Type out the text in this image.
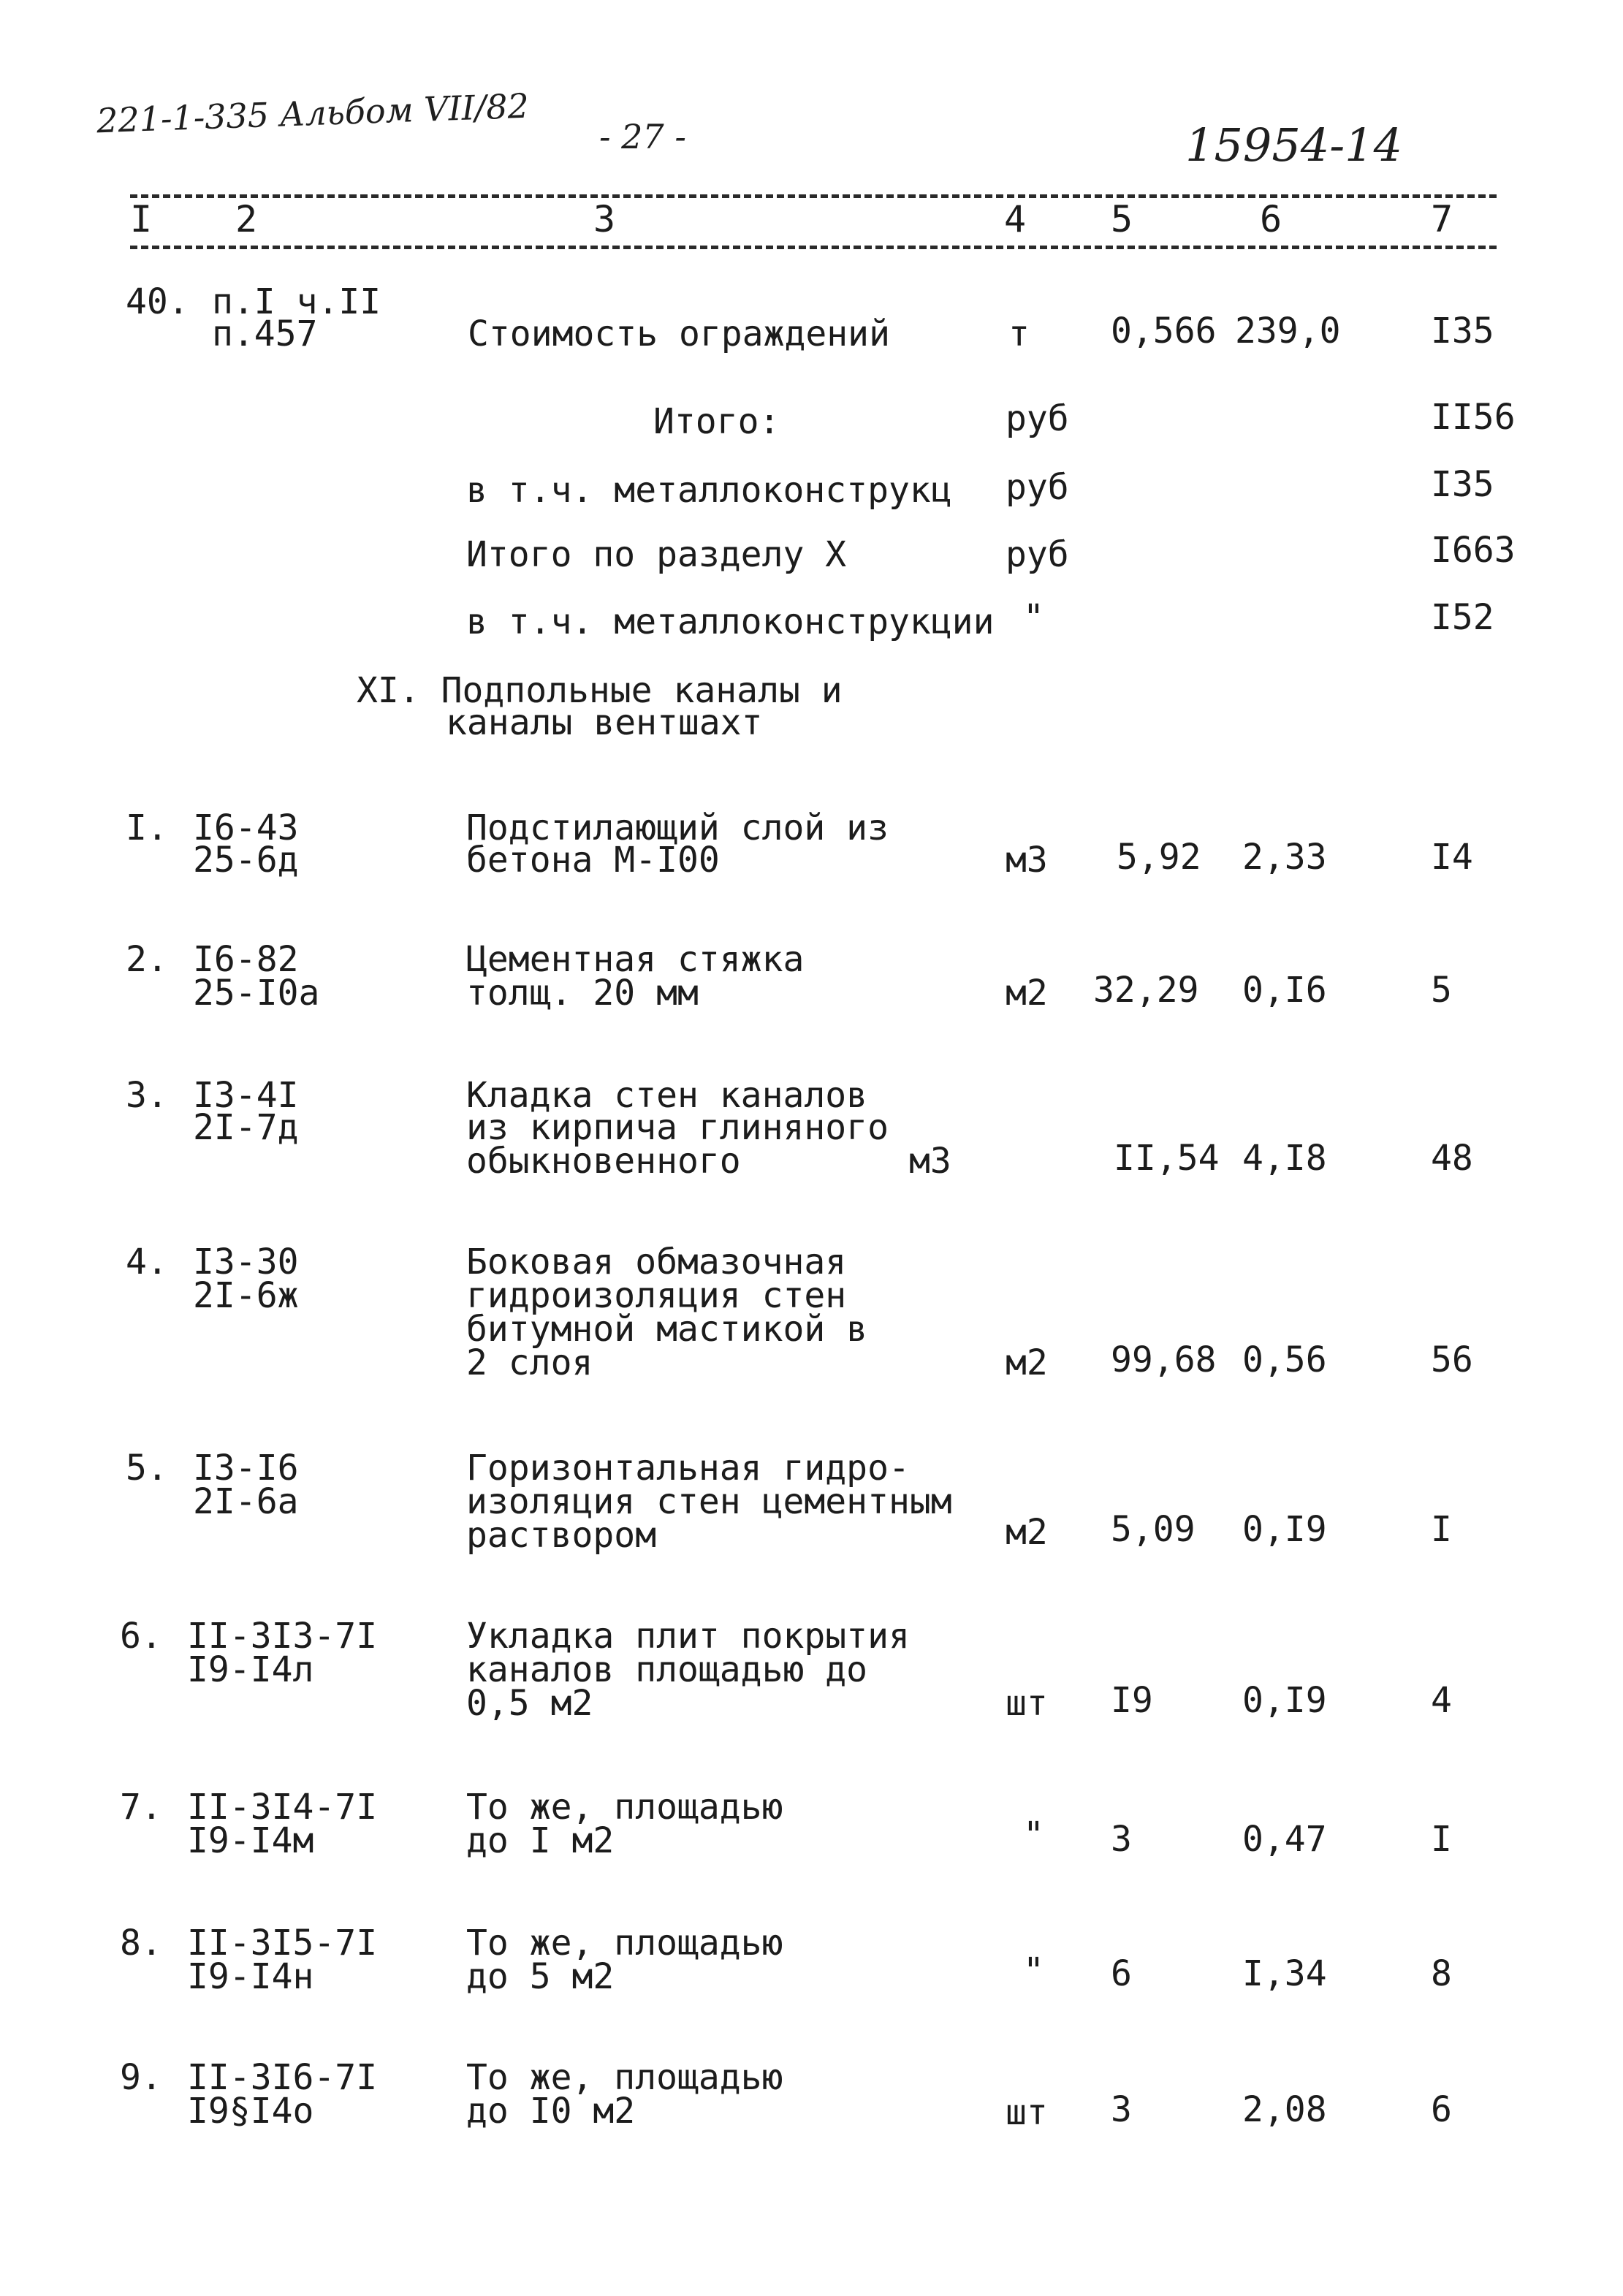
221-1-335 Альбом VII/82 - 27 -	15954-14
I 2	3	4 5	6	7
40. п.I ч.II
п.457	Стоимость ограждений	т 0,566 239,0	I35
Итого:	руб	II56
в т.ч. металлоконструкц руб	I35
Итого по разделу X	руб	I663
в т.ч. металлоконструкции "	I52
XI. Подпольные каналы и
каналы вентшахт
I. I6-43
25-6д
Подстилающий слой из
бетона М-I00	м3 5,92 2,33	I4
2. I6-82
25-I0а
Цементная стяжка
толщ. 20 мм	м2 32,29 0,I6	5
3. I3-4I
2I-7д
Кладка стен каналов
из кирпича глиняного
обыкновенного	м3	II,54 4,I8	48
4. I3-30
2I-6ж
Боковая обмазочная
гидроизоляция стен
битумной мастикой в
2 слоя	м2 99,68 0,56	56
5. I3-I6
2I-6а
Горизонтальная гидро-
изоляция стен цементным
раствором	м2 5,09 0,I9	I
6. II-3I3-7I
I9-I4л
Укладка плит покрытия
каналов площадью до
0,5 м2	шт I9	0,I9	4
7. II-3I4-7I
I9-I4м
То же, площадью
до I м2	" 3	0,47	I
8. II-3I5-7I
I9-I4н
То же, площадью
до 5 м2	" 6	I,34	8
9. II-3I6-7I
I9§I4о
То же, площадью
до I0 м2	шт 3	2,08	6
